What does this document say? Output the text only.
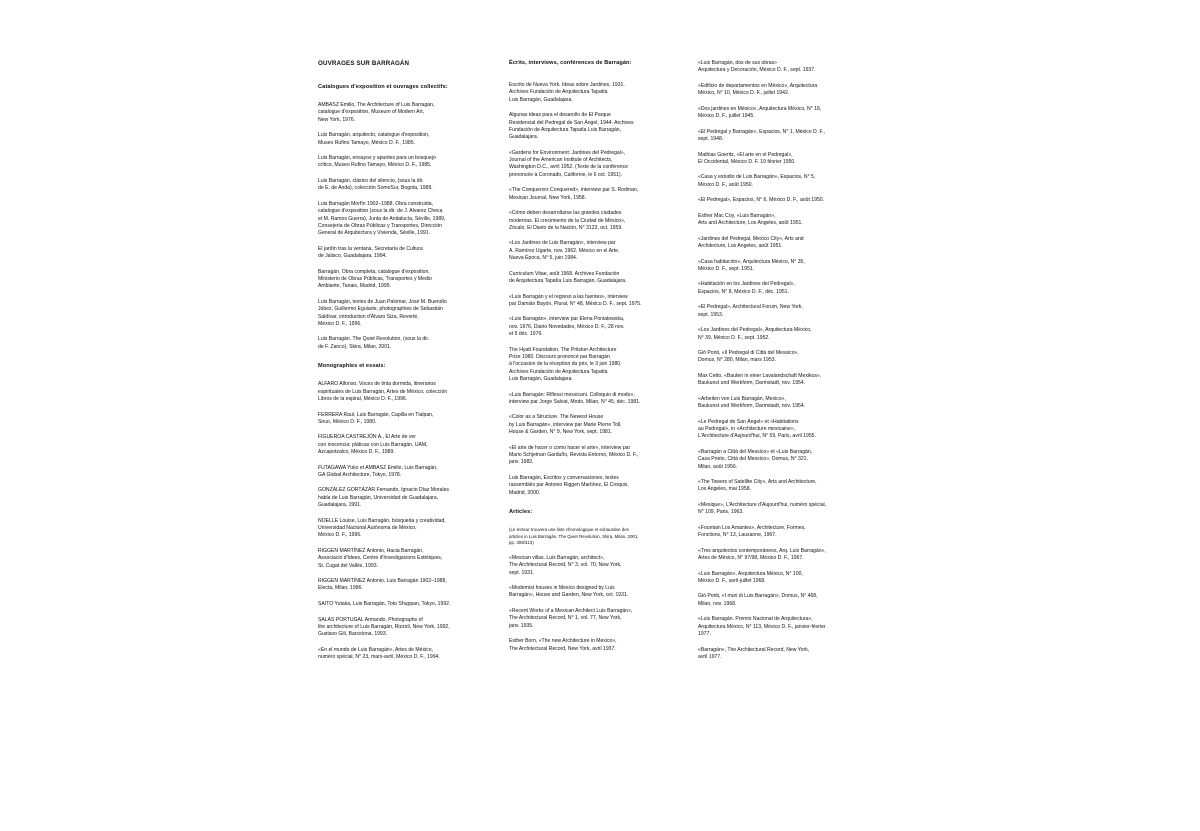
OUVRAGES SUR BARRAGÁN
Catalogues d'exposition et ouvrages collectifs:
AMBASZ Emilio, The Architecture of Luis Barragán,
catalogue d'exposition, Museum of Modern Art,
New York, 1976.
Luis Barragán, arquitecto, catalogue d'exposition,
Museo Rufino Tamayo, México D. F., 1985.
Luis Barragán, ensayos y apuntes para un bosquejo
crítico, Museo Rufino Tamayo, México D. F., 1985.
Luis Barragán, clásico del silencio, (sous la dir.
de E. de Anda), colección SomoSur, Bogota, 1989.
Luis Barragán Morfín 1902–1988. Obra construida,
catalogue d'exposition (sous la dir. de J. Alvarez Checa
et M. Ramos Guerra), Junta de Andalucía, Séville, 1989,
Consejería de Obras Públicas y Transportes, Dirección
General de Arquitectura y Vivienda, Séville, 1991.
El jardín tras la ventana, Secretaría de Cultura
de Jalisco, Guadalajara, 1994.
Barragán. Obra completa, catalogue d'exposition,
Ministerio de Obras Públicas, Transportes y Medio
Ambiante, Tanais, Madrid, 1995.
Luis Barragán, textes de Juan Palomar, José M. Buendío
Júbez, Guillermo Eguiarte, photographies de Sebastián
Saldívar, introduction d'Alvaro Siza, Reverté,
México D. F., 1996.
Luis Barragán. The Quiet Revolution, (sous la dir.
de F. Zanco), Skira, Milan, 2001.
Monographies et essais:
ALFARO Alfonso, Voces de tinta dormida, itinerarios
espirituales de Luis Barragán, Artes de México, colección
Libros de la espiral, México D. F., 1996.
FERRERA Raul, Luis Barragán, Capilla en Tlalpan,
Siruo, México D. F., 1980.
FIGUEROA CASTREJÓN A., El Arte de ver
con inocencia: pláticas con Luis Barragán, UAM,
Azcapotzalco, México D. F., 1989.
FUTAGAWA Yuko et AMBASZ Emilio, Luis Barragán,
GA Global Architecture, Tokyo, 1978.
GONZÁLEZ GORTÁZAR Fernando, Ignacio Díaz Morales
habla de Luis Barragán, Universidad de Guadalajara,
Guadalajara, 1991.
NOELLE Louise, Luis Barragán, búsqueda y creatividad,
Universidad Nacional Autónoma de México,
México D. F., 1996.
RIGGEN MARTÍNEZ Antonio, Hacia Barragán,
Associació d'Idees, Centre d'Investigacions Estètiques,
St. Cugat del Vallès, 1993.
RIGGEN MARTÍNEZ Antonio, Luis Barragán 1902–1988,
Electa, Milan, 1996.
SAITO Yutaka, Luis Barragán, Toto Shuppan, Tokyo, 1992.
SALAS PORTUGAL Armando, Photographs of
the architecture of Luis Barragán, Rizzoli, New York, 1992,
Gustavo Gili, Barcelona, 1993.
«En el mundo de Luis Barragán», Artes de México,
numéro spécial, N° 23, mars-avril, México D. F., 1994.
Écrits, interviews, conférences de Barragán:
Escrito de Nueva York. Ideas sobre Jardines, 1931.
Archives Fundación de Arquitectura Tapatía
Luis Barragán, Guadalajara.
Algunas ideas para el desarollo de El Parque
Residencial del Pedregal de San Ángel, 1944. Archives
Fundación de Arquitectura Tapatía Luis Barragán,
Guadalajara.
«Gardens for Environment: Jardines del Pedregal»,
Journal of the American Institute of Architects,
Washington D.C., avril 1952. (Texte de la conférence
prononcée à Coronado, Californie, le 6 oct. 1951).
«The Conquerors Conquered», interview par S. Rodman,
Mexican Journal, New York, 1958.
«Cómo deben desarrollarse las grandes ciudades
modernas. El crecimiento de la Ciudad de México»,
Zócalo. El Diario de la Nación, N° 3123, oct. 1959.
«Los Jardines de Luis Barragán», interview par
A. Ramírez Ugarte, nov. 1962, México en el Arte.
Nueva Época, N° 5, juin 1984.
Curriculum Vitae, août 1968. Archives Fundación
de Arquitectura Tapatía Luis Barragán, Guadalajara.
«Luis Barragán y el regreso a las fuentes», interview
par Damián Bayón, Plural, N° 48, México D. F., sept. 1975.
«Luis Barragán», interview par Elena Poniatowska,
nov. 1976, Diario Novedades, México D. F., 28 nov.
et 5 déc. 1976.
The Hyatt Foundation. The Pritzker Architecture
Prize 1980. Discours prononcé par Barragán
à l'occasion de la réception du prix, le 3 juin 1980.
Archives Fundación de Arquitectura Tapatía
Luis Barragán, Guadalajara.
«Luis Barragán: Riflessi messicani. Colloquio di modo»,
interview par Jorge Salvat, Modo, Milan, N° 45, déc. 1981.
«Color as a Structure. The Newest House
by Luis Barragán», interview par Marie Pierre Toll,
House & Garden, N° 9, New York, sept. 1981.
«El arte de hacer o como hacer el arte», interview par
Mario Schjetnan Garduño, Revista Entorno, México D. F.,
janv. 1982.
Luis Barragán, Escritos y conversaciones, textes
rassemblés par Antonio Riggen Martínez, El Croquis,
Madrid, 2000.
Articles:
(Le lecteur trouvera une liste chronologique et exhaustive des
articles in Luis Barragán. The Quiet Revolution, Skira, Milan, 2001,
pp. 309/313)
«Mexican villas. Luis Barragán, architect»,
The Architectural Record, N° 3, vol. 70, New York,
sept. 1931.
«Modernist houses in Mexico designed by Luis
Barragán», House and Garden, New York, oct. 1931.
«Recent Works of a Mexican Architect Luis Barragán»,
The Architectural Record, N° 1, vol. 77, New York,
janv. 1935.
Esther Born, «The new Architecture in Mexico»,
The Architectural Record, New York, avril 1937.
«Luis Barragán, dos de sus obras»
Arquitectura y Decoración, México D. F., sept. 1937.
«Edificio de departamentos en México», Arquitectura
México, N° 10, México D. F., juillet 1942.
«Dos jardines en México», Arquitectura México, N° 18,
México D. F., juillet 1945.
«El Pedregal y Barragán», Espacios, N° 1, México D. F.,
sept. 1948.
Mathias Goeritz, «El arte en el Pedregal»,
El Occidental, México D. F. 19 février 1950.
«Casa y estudio de Luis Barragán», Espacios, N° 5,
México D. F., août 1950.
«El Pedregal», Espacios, N° 6, México D. F., août 1950.
Esther Mac Coy, «Luis Barragán»,
Arts and Architecture, Los Angeles, août 1951.
«Jardines del Pedregal, Mexico City», Arts and
Architecture, Los Angeles, août 1951.
«Casa habitación», Arquitectura México, N° 35,
México D. F., sept. 1951.
«Habitación en los Jardines del Pedregal»,
Espacios, N° 8, México D. F., déc. 1951.
«El Pedregal», Architectural Forum, New York,
sept. 1953.
«Los Jardines del Pedregal», Arquitectura México,
N° 39, México D. F., sept. 1952.
Giò Ponti, «Il Pedregal di Città del Messico»,
Domus, N° 280, Milan, mars 1953.
Max Cetto, «Bauten in einer Lavalandschaft Mexikos»,
Baukunst und Werkform, Darmstadt, nov. 1954.
«Arbeiten von Luis Barragán, Mexico»,
Baukunst und Werkform, Darmstadt, nov. 1954.
«Le Pedregal de San Ángel» et «Habitations
au Pedregal», in «Architecture mexicaine»,
L'Architecture d'Aujourd'hui, N° 59, Paris, avril 1955.
«Barragán a Città del Messico» et «Luis Barragán,
Casa Prieto, Città del Messico», Domus, N° 321,
Milan, août 1956.
«The Towers of Satellite City», Arts and Architecture,
Los Angeles, mai 1958.
«Mexique», L'Architecture d'Aujourd'hui, numéro spécial,
N° 109, Paris, 1963.
«Fountain Los Amantes», Architecture, Formes,
Fonctions, N° 13, Lausanne, 1967.
«Tres arquitectos contemporáneos, Arq. Luis Barragán»,
Artes de México, N° 97/98, México D. F., 1967.
«Luis Barragán», Arquitectura México, N° 100,
México D. F., avril-juillet 1968.
Giò Ponti, «I muri di Luis Barragán», Domus, N° 468,
Milan, nov. 1968.
«Luis Barragán. Premio Nacional de Arquitectura»,
Arquitectura México, N° 113, México D. F., janvier-février
1977.
«Barragán», The Architectural Record, New York,
avril 1977.
